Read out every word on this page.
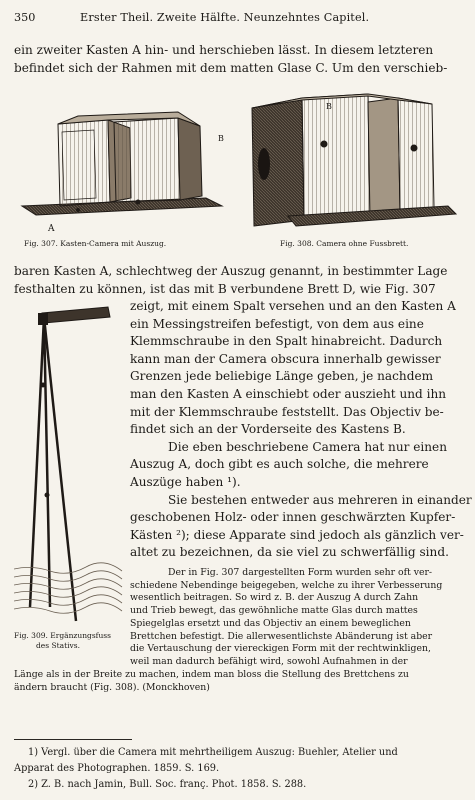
350	Erster Theil. Zweite Hälfte. Neunzehntes Capitel.
ein zweiter Kasten A hin- und herschieben lässt. In diesem letzteren
befindet sich der Rahmen mit dem matten Glase C. Um den verschieb-
A
B
Fig. 307. Kasten-Camera mit Auszug.
B
Fig. 308. Camera ohne Fussbrett.
baren Kasten A, schlechtweg der Auszug genannt, in bestimmter Lage
festhalten zu können, ist das mit B verbundene Brett D, wie Fig. 307
Fig. 309. Ergänzungsfuss
des Stativs.
zeigt, mit einem Spalt versehen und an den Kasten A
ein Messingstreifen befestigt, von dem aus eine
Klemmschraube in den Spalt hinabreicht. Dadurch
kann man der Camera obscura innerhalb gewisser
Grenzen jede beliebige Länge geben, je nachdem
man den Kasten A einschiebt oder auszieht und ihn
mit der Klemmschraube feststellt. Das Objectiv be-
findet sich an der Vorderseite des Kastens B.
Die eben beschriebene Camera hat nur einen
Auszug A, doch gibt es auch solche, die mehrere
Auszüge haben ¹).
Sie bestehen entweder aus mehreren in einander
geschobenen Holz- oder innen geschwärzten Kupfer-
Kästen ²); diese Apparate sind jedoch als gänzlich ver-
altet zu bezeichnen, da sie viel zu schwerfällig sind.
Der in Fig. 307 dargestellten Form wurden sehr oft ver-
schiedene Nebendinge beigegeben, welche zu ihrer Verbesserung
wesentlich beitragen. So wird z. B. der Auszug A durch Zahn
und Trieb bewegt, das gewöhnliche matte Glas durch mattes
Spiegelglas ersetzt und das Objectiv an einem beweglichen
Brettchen befestigt. Die allerwesentlichste Abänderung ist aber
die Vertauschung der viereckigen Form mit der rechtwinkligen,
weil man dadurch befähigt wird, sowohl Aufnahmen in der
Länge als in der Breite zu machen, indem man bloss die Stellung des Brettchens zu
ändern braucht (Fig. 308). (Monckhoven)
1) Vergl. über die Camera mit mehrtheiligem Auszug: Buehler, Atelier und
Apparat des Photographen. 1859. S. 169.
2) Z. B. nach Jamin, Bull. Soc. franç. Phot. 1858. S. 288.
